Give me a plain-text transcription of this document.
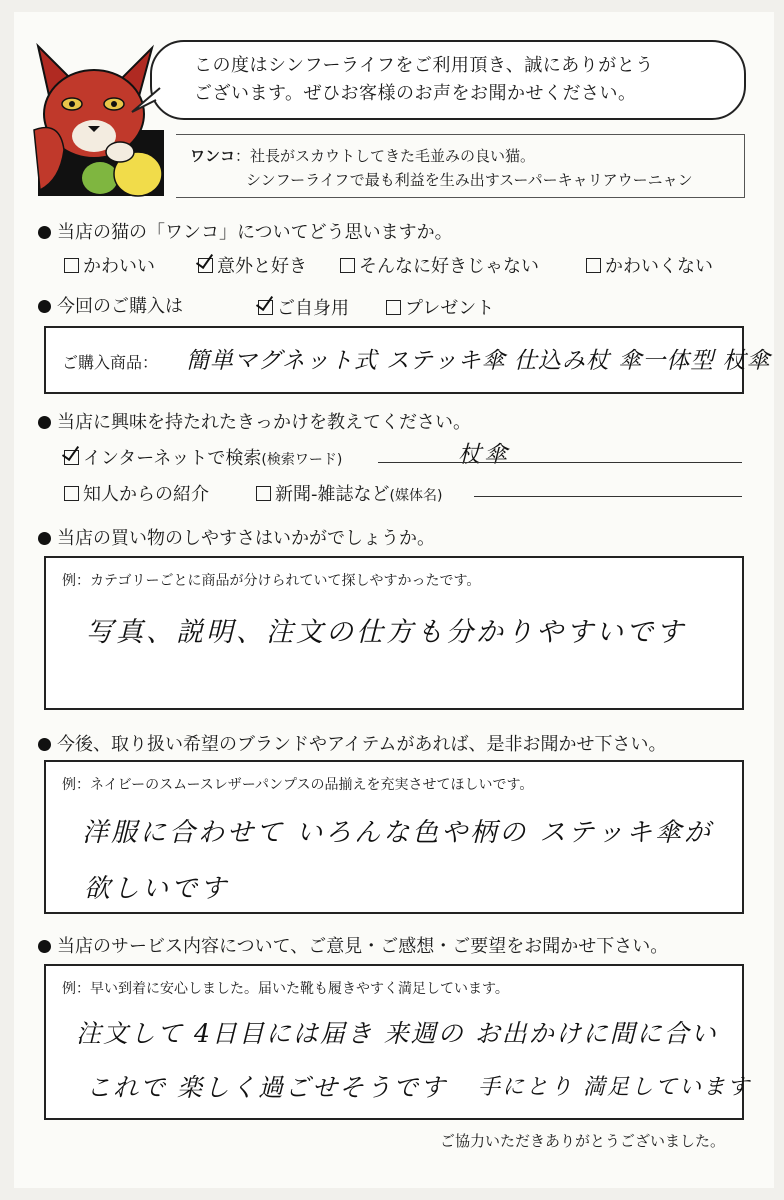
この度はシンフーライフをご利用頂き、誠にありがとう
ございます。ぜひお客様のお声をお聞かせください。
ワンコ：社長がスカウトしてきた毛並みの良い猫。
シンフーライフで最も利益を生み出すスーパーキャリアウーニャン
当店の猫の「ワンコ」についてどう思いますか。
かわいい	意外と好き	そんなに好きじゃない	かわいくない
今回のご購入は	ご自身用	プレゼント
ご購入商品： 簡単マグネット式 ステッキ傘 仕込み杖 傘一体型 杖傘
当店に興味を持たれたきっかけを教えてください。
インターネットで検索(検索ワード)	杖傘
知人からの紹介	新聞-雑誌など(媒体名)
当店の買い物のしやすさはいかがでしょうか。
例：カテゴリーごとに商品が分けられていて探しやすかったです。
写真、説明、注文の仕方も分かりやすいです
今後、取り扱い希望のブランドやアイテムがあれば、是非お聞かせ下さい。
例：ネイビーのスムースレザーパンプスの品揃えを充実させてほしいです。
洋服に合わせて いろんな色や柄の ステッキ傘が
欲しいです
当店のサービス内容について、ご意見・ご感想・ご要望をお聞かせ下さい。
例：早い到着に安心しました。届いた靴も履きやすく満足しています。
注文して 4日目には届き 来週の お出かけに間に合い
これで 楽しく過ごせそうです 手にとり 満足しています
ご協力いただきありがとうございました。
